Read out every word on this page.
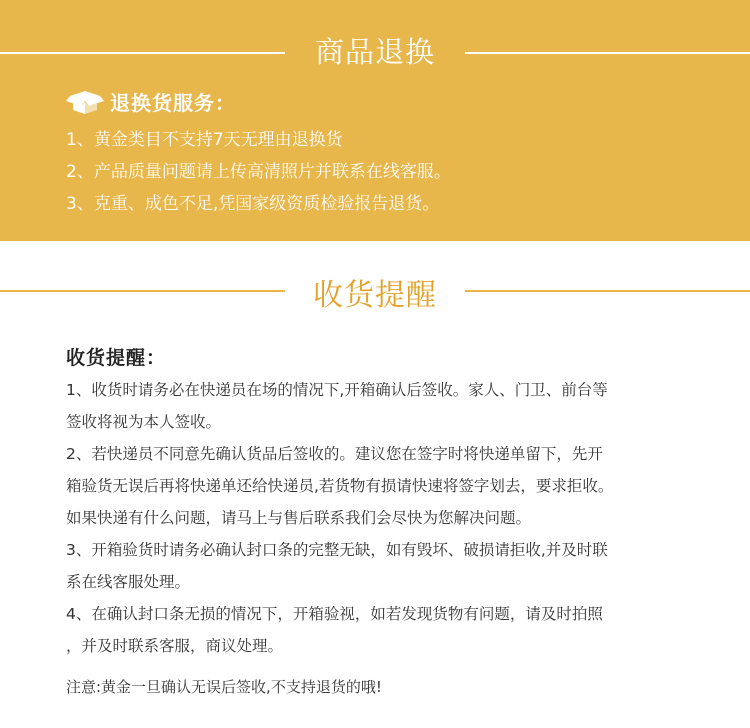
商品退换
退换货服务：
1、黄金类目不支持7天无理由退换货
2、产品质量问题请上传高清照片并联系在线客服。
3、克重、成色不足,凭国家级资质检验报告退货。
收货提醒
收货提醒：
1、收货时请务必在快递员在场的情况下,开箱确认后签收。家人、门卫、前台等
签收将视为本人签收。
2、若快递员不同意先确认货品后签收的。建议您在签字时将快递单留下，先开
箱验货无误后再将快递单还给快递员,若货物有损请快速将签字划去，要求拒收。
如果快递有什么问题，请马上与售后联系我们会尽快为您解决问题。
3、开箱验货时请务必确认封口条的完整无缺，如有毁坏、破损请拒收,并及时联
系在线客服处理。
4、在确认封口条无损的情况下，开箱验视，如若发现货物有问题，请及时拍照
，并及时联系客服，商议处理。
注意:黄金一旦确认无误后签收,不支持退货的哦!
